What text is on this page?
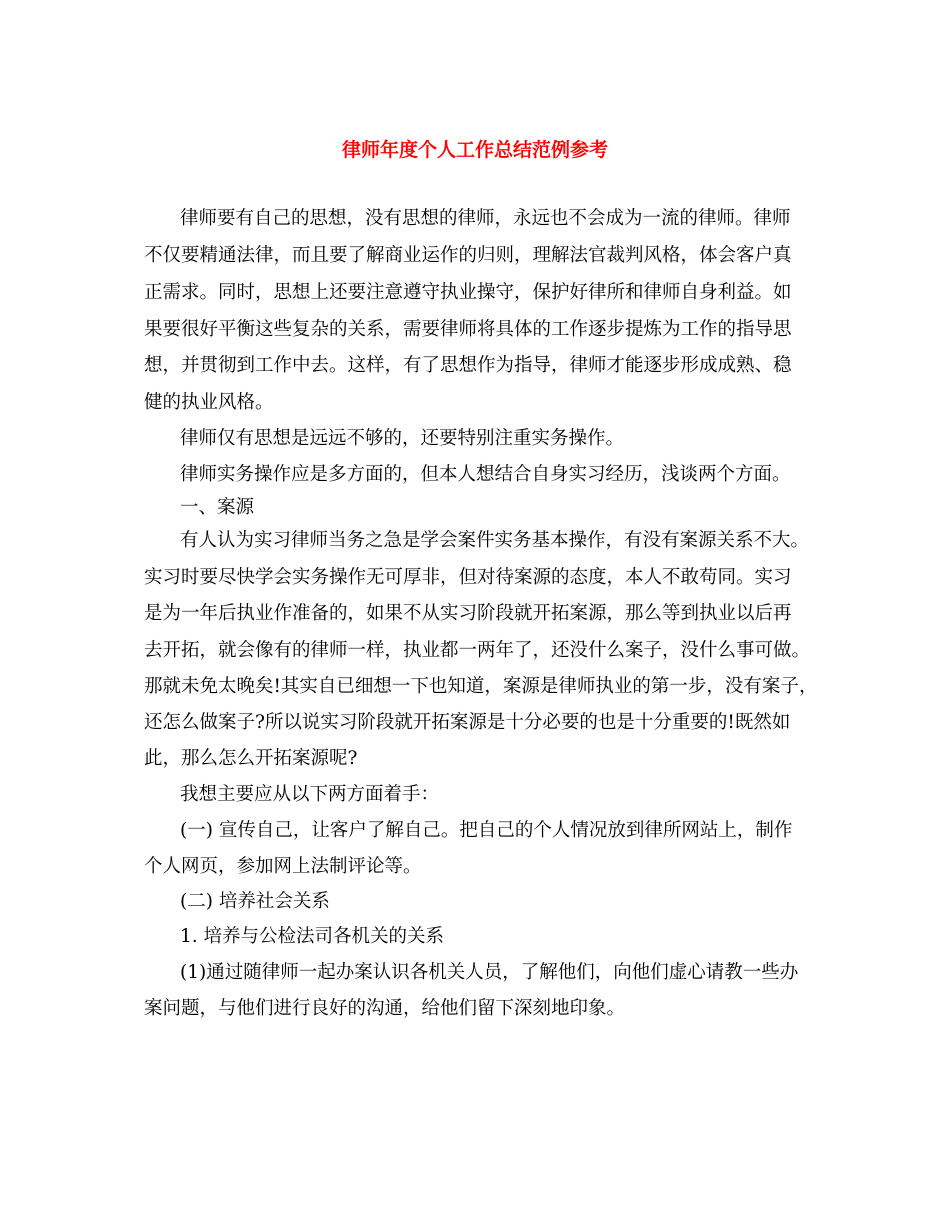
律师年度个人工作总结范例参考

律师要有自己的思想，没有思想的律师，永远也不会成为一流的律师。律师

不仅要精通法律，而且要了解商业运作的归则，理解法官裁判风格，体会客户真

正需求。同时，思想上还要注意遵守执业操守，保护好律所和律师自身利益。如

果要很好平衡这些复杂的关系，需要律师将具体的工作逐步提炼为工作的指导思

想，并贯彻到工作中去。这样，有了思想作为指导，律师才能逐步形成成熟、稳

健的执业风格。

律师仅有思想是远远不够的，还要特别注重实务操作。

律师实务操作应是多方面的，但本人想结合自身实习经历，浅谈两个方面。

一、案源

有人认为实习律师当务之急是学会案件实务基本操作，有没有案源关系不大。

实习时要尽快学会实务操作无可厚非，但对待案源的态度，本人不敢苟同。实习

是为一年后执业作准备的，如果不从实习阶段就开拓案源，那么等到执业以后再

去开拓，就会像有的律师一样，执业都一两年了，还没什么案子，没什么事可做。

那就未免太晚矣!其实自已细想一下也知道，案源是律师执业的第一步，没有案子，

还怎么做案子?所以说实习阶段就开拓案源是十分必要的也是十分重要的!既然如

此，那么怎么开拓案源呢?

我想主要应从以下两方面着手：

(一) 宣传自己，让客户了解自己。把自己的个人情况放到律所网站上，制作

个人网页，参加网上法制评论等。

(二) 培养社会关系

1. 培养与公检法司各机关的关系

(1)通过随律师一起办案认识各机关人员，了解他们，向他们虚心请教一些办

案问题，与他们进行良好的沟通，给他们留下深刻地印象。
